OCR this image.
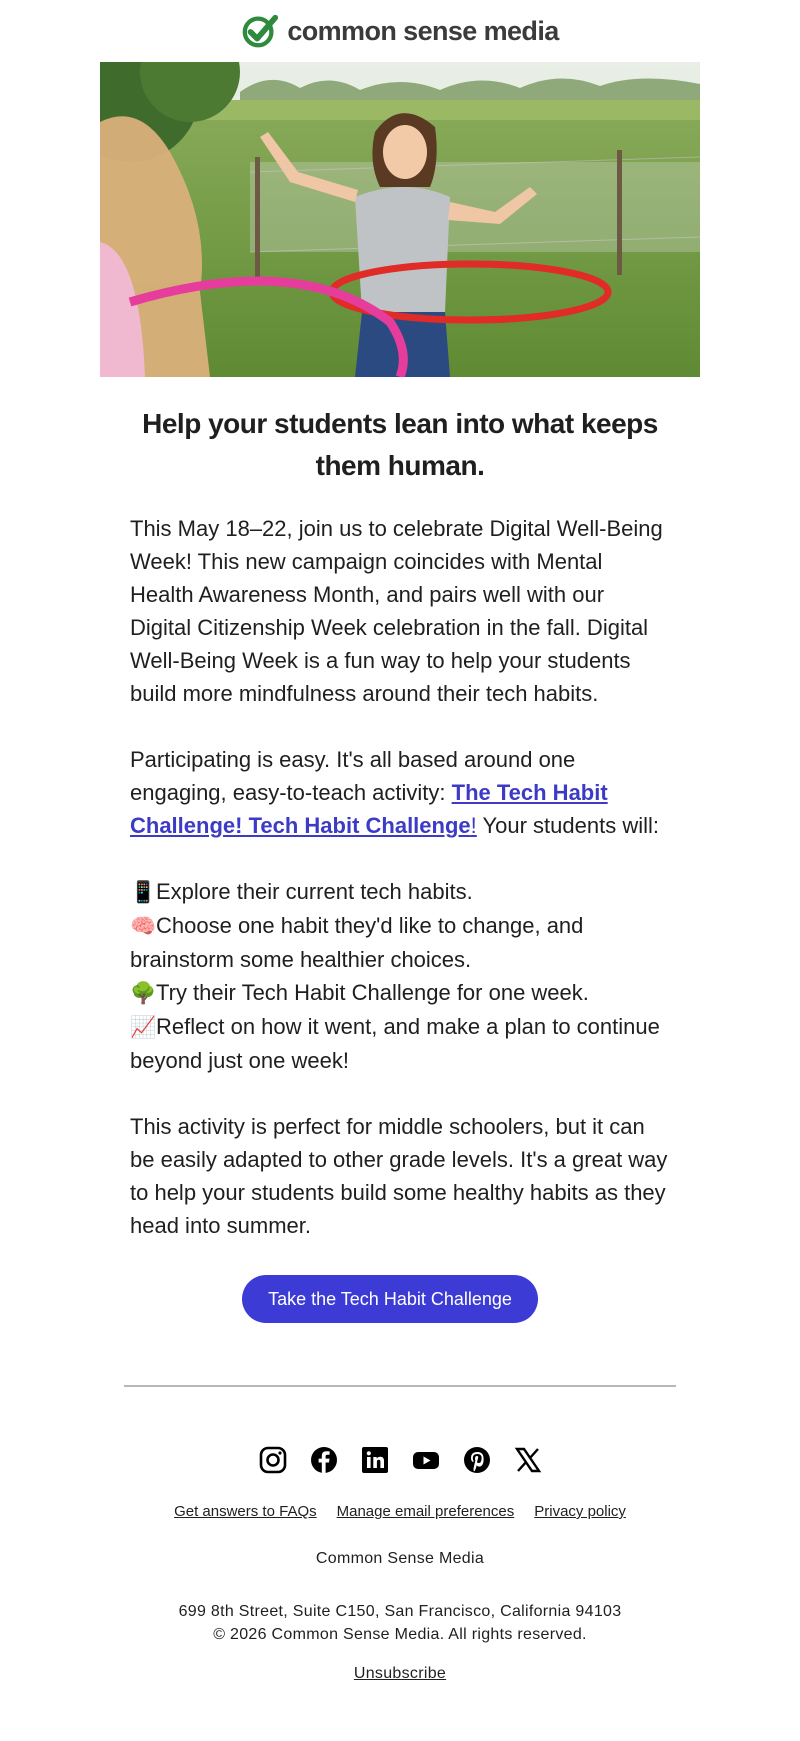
common sense media
Help your students lean into what keeps them human.

This May 18–22, join us to celebrate Digital Well-Being Week! This new campaign coincides with Mental Health Awareness Month, and pairs well with our Digital Citizenship Week celebration in the fall. Digital Well-Being Week is a fun way to help your students build more mindfulness around their tech habits.

Participating is easy. It's all based around one engaging, easy-to-teach activity: The Tech Habit Challenge! Tech Habit Challenge! Your students will:

📱Explore their current tech habits.
🧠Choose one habit they'd like to change, and brainstorm some healthier choices.
🌳Try their Tech Habit Challenge for one week.
📈Reflect on how it went, and make a plan to continue beyond just one week!

This activity is perfect for middle schoolers, but it can be easily adapted to other grade levels. It's a great way to help your students build some healthy habits as they head into summer.

Take the Tech Habit Challenge
Get answers to FAQs Manage email preferences Privacy policy
Common Sense Media
699 8th Street, Suite C150, San Francisco, California 94103
© 2026 Common Sense Media. All rights reserved.
Unsubscribe
